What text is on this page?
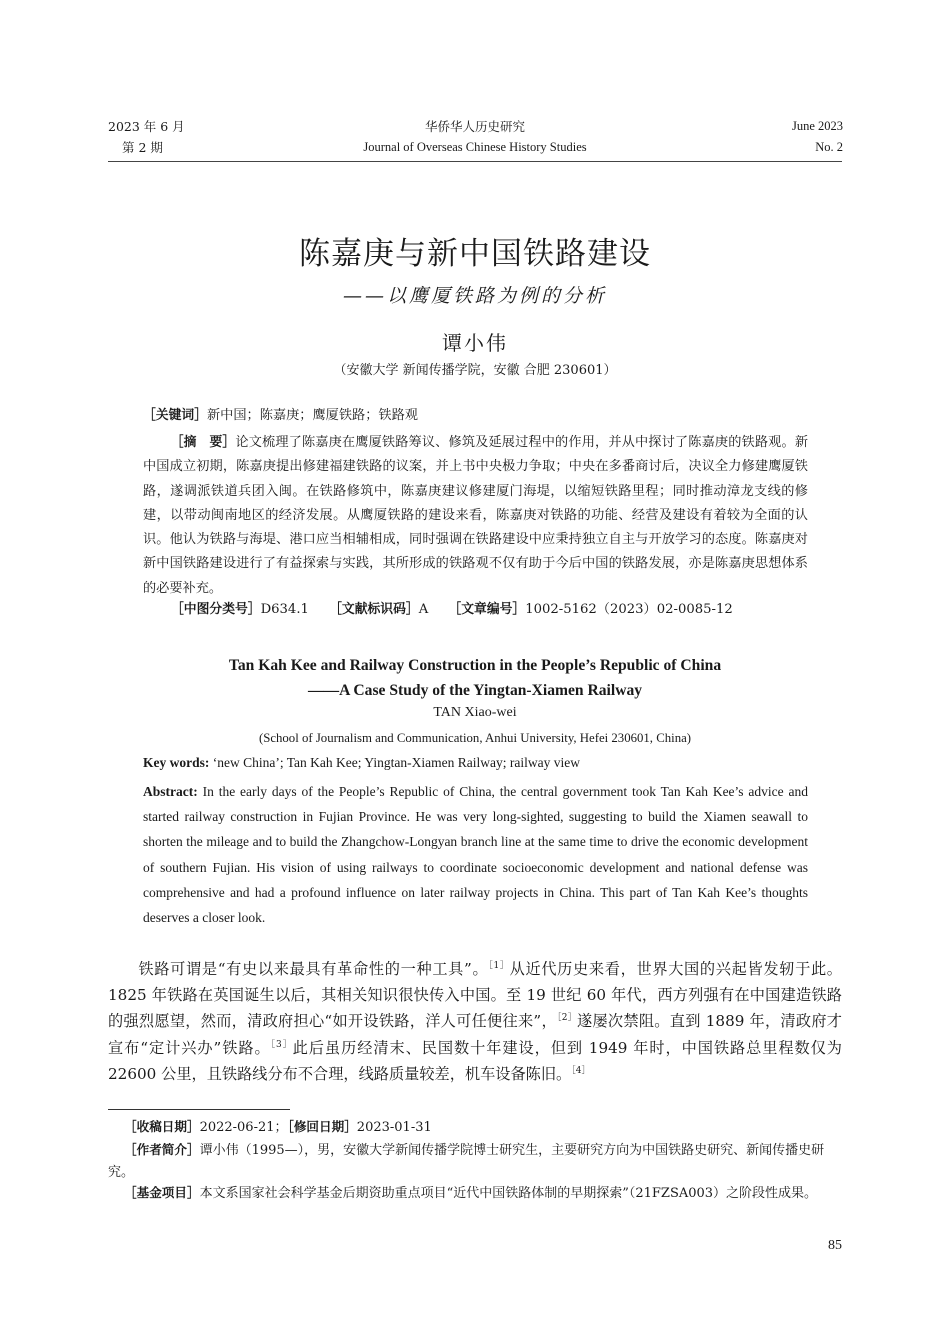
2023 年 6 月
第 2 期
华侨华人历史研究
Journal of Overseas Chinese History Studies
June 2023
No. 2
陈嘉庚与新中国铁路建设
——以鹰厦铁路为例的分析
谭小伟
（安徽大学 新闻传播学院，安徽 合肥 230601）
［关键词］新中国；陈嘉庚；鹰厦铁路；铁路观

［摘　要］论文梳理了陈嘉庚在鹰厦铁路筹议、修筑及延展过程中的作用，并从中探讨了陈嘉庚的铁路观。新中国成立初期，陈嘉庚提出修建福建铁路的议案，并上书中央极力争取；中央在多番商讨后，决议全力修建鹰厦铁路，遂调派铁道兵团入闽。在铁路修筑中，陈嘉庚建议修建厦门海堤，以缩短铁路里程；同时推动漳龙支线的修建，以带动闽南地区的经济发展。从鹰厦铁路的建设来看，陈嘉庚对铁路的功能、经营及建设有着较为全面的认识。他认为铁路与海堤、港口应当相辅相成，同时强调在铁路建设中应秉持独立自主与开放学习的态度。陈嘉庚对新中国铁路建设进行了有益探索与实践，其所形成的铁路观不仅有助于今后中国的铁路发展，亦是陈嘉庚思想体系的必要补充。

［中图分类号］D634.1 ［文献标识码］A ［文章编号］1002-5162（2023）02-0085-12
Tan Kah Kee and Railway Construction in the People’s Republic of China
——A Case Study of the Yingtan-Xiamen Railway
TAN Xiao-wei
(School of Journalism and Communication, Anhui University, Hefei 230601, China)
Key words: ‘new China’; Tan Kah Kee; Yingtan-Xiamen Railway; railway view

Abstract: In the early days of the People’s Republic of China, the central government took Tan Kah Kee’s advice and started railway construction in Fujian Province. He was very long-sighted, suggesting to build the Xiamen seawall to shorten the mileage and to build the Zhangchow-Longyan branch line at the same time to drive the economic development of southern Fujian. His vision of using railways to coordinate socioeconomic development and national defense was comprehensive and had a profound influence on later railway projects in China. This part of Tan Kah Kee’s thoughts deserves a closer look.

铁路可谓是“有史以来最具有革命性的一种工具”。$^{[1]}$从近代历史来看，世界大国的兴起皆发轫于此。1825 年铁路在英国诞生以后，其相关知识很快传入中国。至 19 世纪 60 年代，西方列强有在中国建造铁路的强烈愿望，然而，清政府担心“如开设铁路，洋人可任便往来”，$^{[2]}$遂屡次禁阻。直到 1889 年，清政府才宣布“定计兴办”铁路。$^{[3]}$此后虽历经清末、民国数十年建设，但到 1949 年时，中国铁路总里程数仅为 22600 公里，且铁路线分布不合理，线路质量较差，机车设备陈旧。$^{[4]}$

［收稿日期］2022-06-21；［修回日期］2023-01-31

［作者简介］谭小伟（1995—），男，安徽大学新闻传播学院博士研究生，主要研究方向为中国铁路史研究、新闻传播史研究。

［基金项目］本文系国家社会科学基金后期资助重点项目“近代中国铁路体制的早期探索”（21FZSA003）之阶段性成果。

85
